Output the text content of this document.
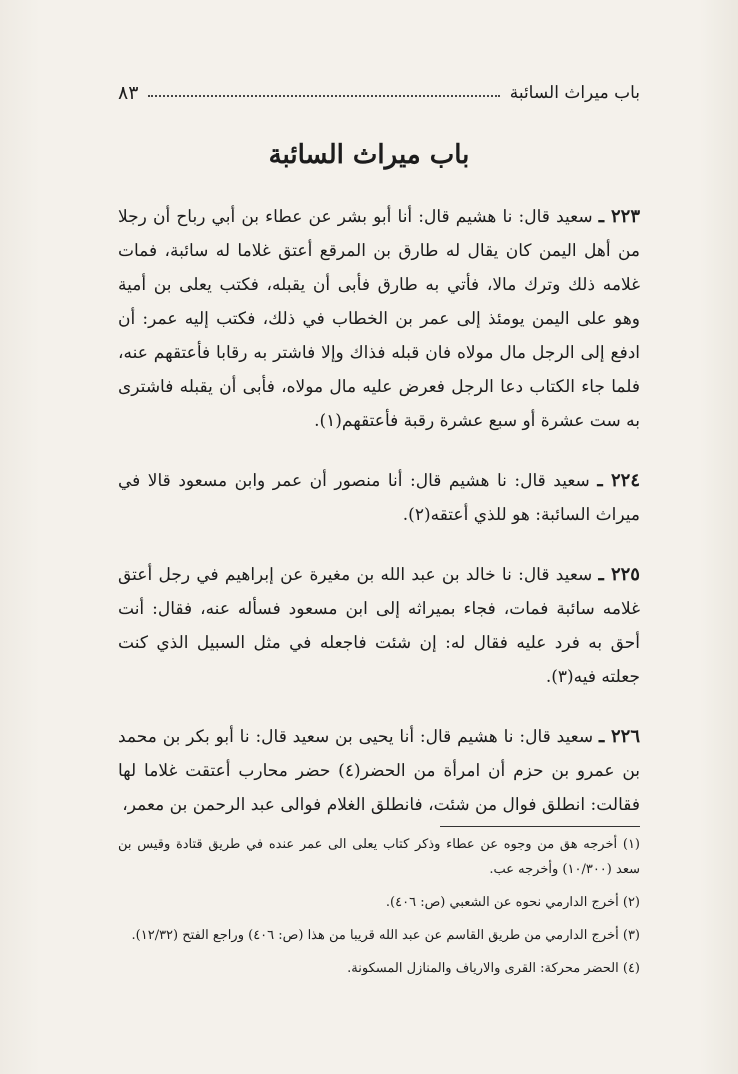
باب ميراث السائبة
٨٣
باب ميراث السائبة

٢٢٣ ـ سعيد قال: نا هشيم قال: أنا أبو بشر عن عطاء بن أبي رباح أن رجلا من أهل اليمن كان يقال له طارق بن المرقع أعتق غلاما له سائبة، فمات غلامه ذلك وترك مالا، فأتي به طارق فأبى أن يقبله، فكتب يعلى بن أمية وهو على اليمن يومئذ إلى عمر بن الخطاب في ذلك، فكتب إليه عمر: أن ادفع إلى الرجل مال مولاه فان قبله فذاك وإلا فاشتر به رقابا فأعتقهم عنه، فلما جاء الكتاب دعا الرجل فعرض عليه مال مولاه، فأبى أن يقبله فاشترى به ست عشرة أو سبع عشرة رقبة فأعتقهم(١).

٢٢٤ ـ سعيد قال: نا هشيم قال: أنا منصور أن عمر وابن مسعود قالا في ميراث السائبة: هو للذي أعتقه(٢).

٢٢٥ ـ سعيد قال: نا خالد بن عبد الله بن مغيرة عن إبراهيم في رجل أعتق غلامه سائبة فمات، فجاء بميراثه إلى ابن مسعود فسأله عنه، فقال: أنت أحق به فرد عليه فقال له: إن شئت فاجعله في مثل السبيل الذي كنت جعلته فيه(٣).

٢٢٦ ـ سعيد قال: نا هشيم قال: أنا يحيى بن سعيد قال: نا أبو بكر بن محمد بن عمرو بن حزم أن امرأة من الحضر(٤) حضر محارب أعتقت غلاما لها فقالت: انطلق فوال من شئت، فانطلق الغلام فوالى عبد الرحمن بن معمر،

(١) أخرجه هق من وجوه عن عطاء وذكر كتاب يعلى الى عمر عنده في طريق قتادة وقيس بن سعد (١٠/٣٠٠) وأخرجه عب.

(٢) أخرج الدارمي نحوه عن الشعبي (ص: ٤٠٦).

(٣) أخرج الدارمي من طريق القاسم عن عبد الله قريبا من هذا (ص: ٤٠٦) وراجع الفتح (١٢/٣٢).

(٤) الحضر محركة: القرى والارياف والمنازل المسكونة.
